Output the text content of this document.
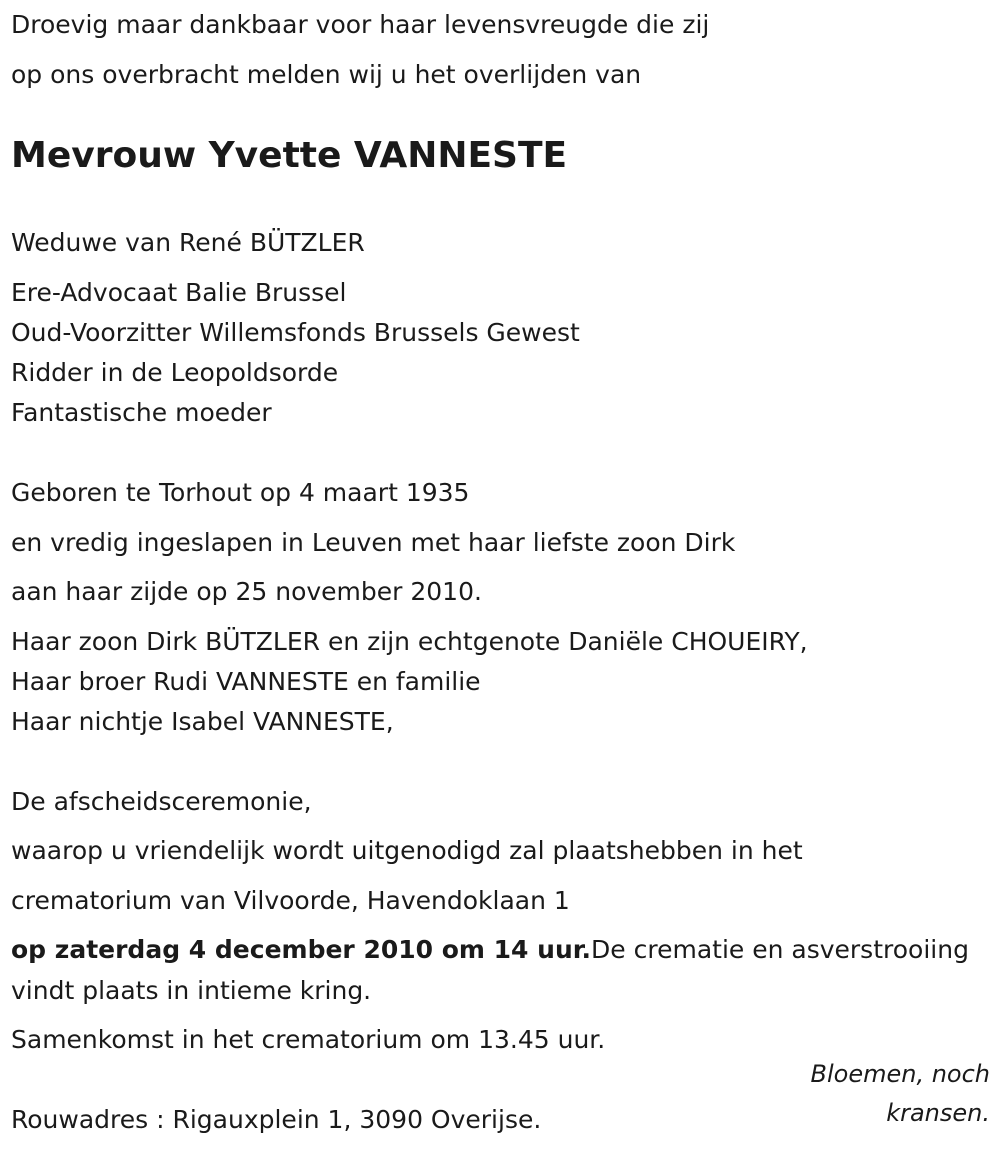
Droevig maar dankbaar voor haar levensvreugde die zij
op ons overbracht melden wij u het overlijden van
Mevrouw Yvette VANNESTE
Weduwe van René BÜTZLER
Ere-Advocaat Balie Brussel
Oud-Voorzitter Willemsfonds Brussels Gewest
Ridder in de Leopoldsorde
Fantastische moeder
Geboren te Torhout op 4 maart 1935
en vredig ingeslapen in Leuven met haar liefste zoon Dirk
aan haar zijde op 25 november 2010.
Haar zoon Dirk BÜTZLER en zijn echtgenote Daniële CHOUEIRY,
Haar broer Rudi VANNESTE en familie
Haar nichtje Isabel VANNESTE,
De afscheidsceremonie,
waarop u vriendelijk wordt uitgenodigd zal plaatshebben in het
crematorium van Vilvoorde, Havendoklaan 1
op zaterdag 4 december 2010 om 14 uur.De crematie en asverstrooiing
vindt plaats in intieme kring.
Samenkomst in het crematorium om 13.45 uur.
Bloemen, noch
kransen.
Rouwadres : Rigauxplein 1, 3090 Overijse.
